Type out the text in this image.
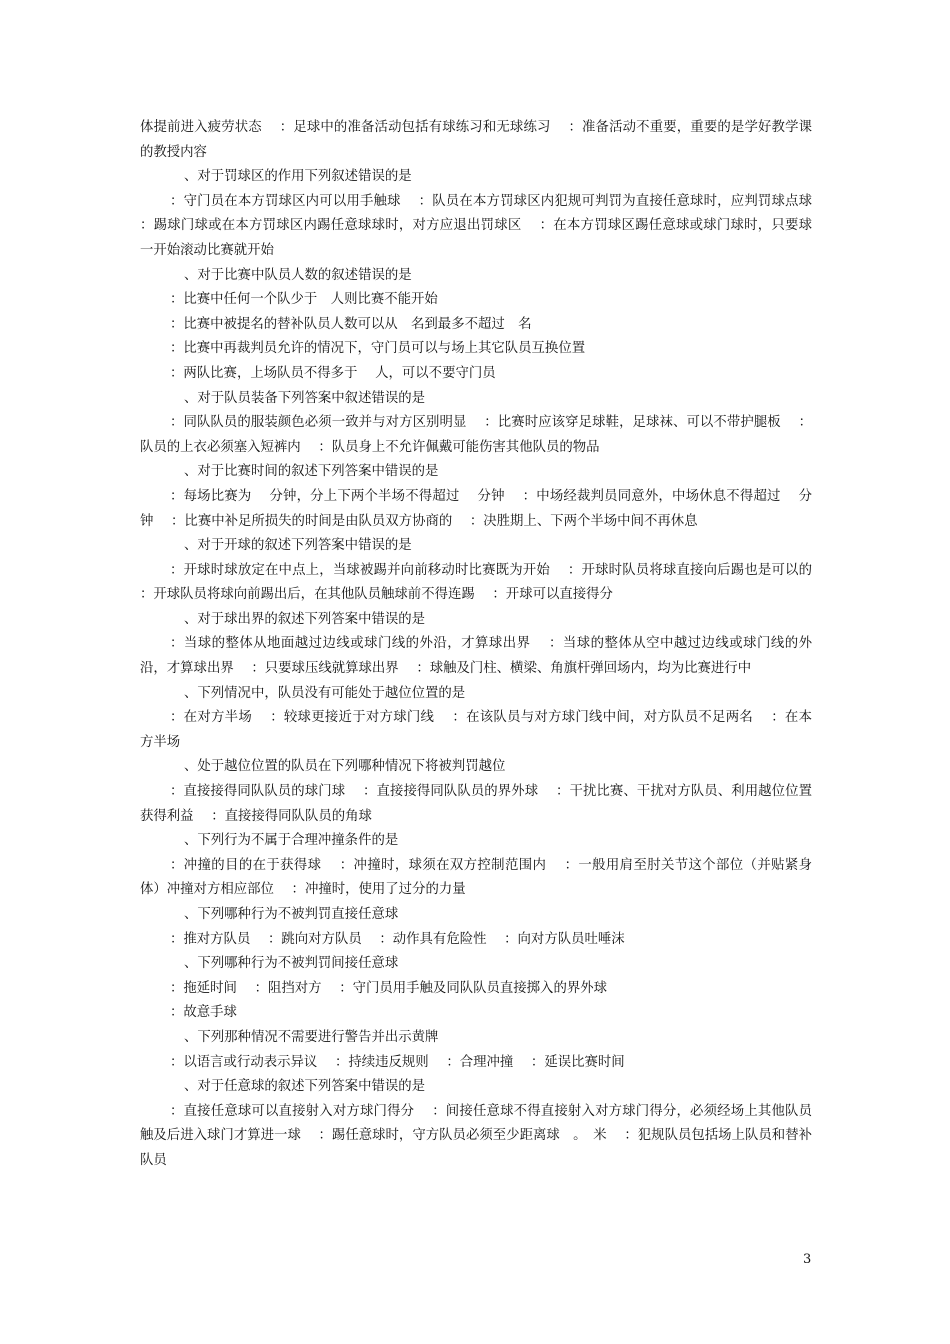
体提前进入疲劳状态　 ：足球中的准备活动包括有球练习和无球练习　 ：准备活动不重要，重要的是学好教学课的教授内容

、对于罚球区的作用下列叙述错误的是

：守门员在本方罚球区内可以用手触球　 ：队员在本方罚球区内犯规可判罚为直接任意球时，应判罚球点球　 ：踢球门球或在本方罚球区内踢任意球球时，对方应退出罚球区　 ：在本方罚球区踢任意球或球门球时，只要球一开始滚动比赛就开始

、对于比赛中队员人数的叙述错误的是

：比赛中任何一个队少于　人则比赛不能开始

：比赛中被提名的替补队员人数可以从　名到最多不超过　名

：比赛中再裁判员允许的情况下，守门员可以与场上其它队员互换位置

：两队比赛，上场队员不得多于　 人，可以不要守门员

、对于队员装备下列答案中叙述错误的是

：同队队员的服装颜色必须一致并与对方区别明显　 ：比赛时应该穿足球鞋，足球袜、可以不带护腿板　 ：队员的上衣必须塞入短裤内　 ：队员身上不允许佩戴可能伤害其他队员的物品

、对于比赛时间的叙述下列答案中错误的是

：每场比赛为　 分钟，分上下两个半场不得超过　 分钟　 ：中场经裁判员同意外，中场休息不得超过　 分钟　 ：比赛中补足所损失的时间是由队员双方协商的　 ：决胜期上、下两个半场中间不再休息

、对于开球的叙述下列答案中错误的是

：开球时球放定在中点上，当球被踢并向前移动时比赛既为开始　 ：开球时队员将球直接向后踢也是可以的　 ：开球队员将球向前踢出后，在其他队员触球前不得连踢　 ：开球可以直接得分

、对于球出界的叙述下列答案中错误的是

：当球的整体从地面越过边线或球门线的外沿，才算球出界　 ：当球的整体从空中越过边线或球门线的外沿，才算球出界　 ：只要球压线就算球出界　 ：球触及门柱、横梁、角旗杆弹回场内，均为比赛进行中

、下列情况中，队员没有可能处于越位位置的是

：在对方半场　 ：较球更接近于对方球门线　 ：在该队员与对方球门线中间，对方队员不足两名　 ：在本方半场

、处于越位位置的队员在下列哪种情况下将被判罚越位

：直接接得同队队员的球门球　 ：直接接得同队队员的界外球　 ：干扰比赛、干扰对方队员、利用越位位置获得利益　 ：直接接得同队队员的角球

、下列行为不属于合理冲撞条件的是

：冲撞的目的在于获得球　 ：冲撞时，球须在双方控制范围内　 ：一般用肩至肘关节这个部位（并贴紧身体）冲撞对方相应部位　 ：冲撞时，使用了过分的力量

、下列哪种行为不被判罚直接任意球

：推对方队员　 ：跳向对方队员　 ：动作具有危险性　 ：向对方队员吐唾沫

、下列哪种行为不被判罚间接任意球

：拖延时间　 ：阻挡对方　 ：守门员用手触及同队队员直接掷入的界外球

：故意手球

、下列那种情况不需要进行警告并出示黄牌

：以语言或行动表示异议　 ：持续违反规则　 ：合理冲撞　 ：延误比赛时间

、对于任意球的叙述下列答案中错误的是

：直接任意球可以直接射入对方球门得分　 ：间接任意球不得直接射入对方球门得分，必须经场上其他队员触及后进入球门才算进一球　 ：踢任意球时，守方队员必须至少距离球　。　米　 ：犯规队员包括场上队员和替补队员

3
